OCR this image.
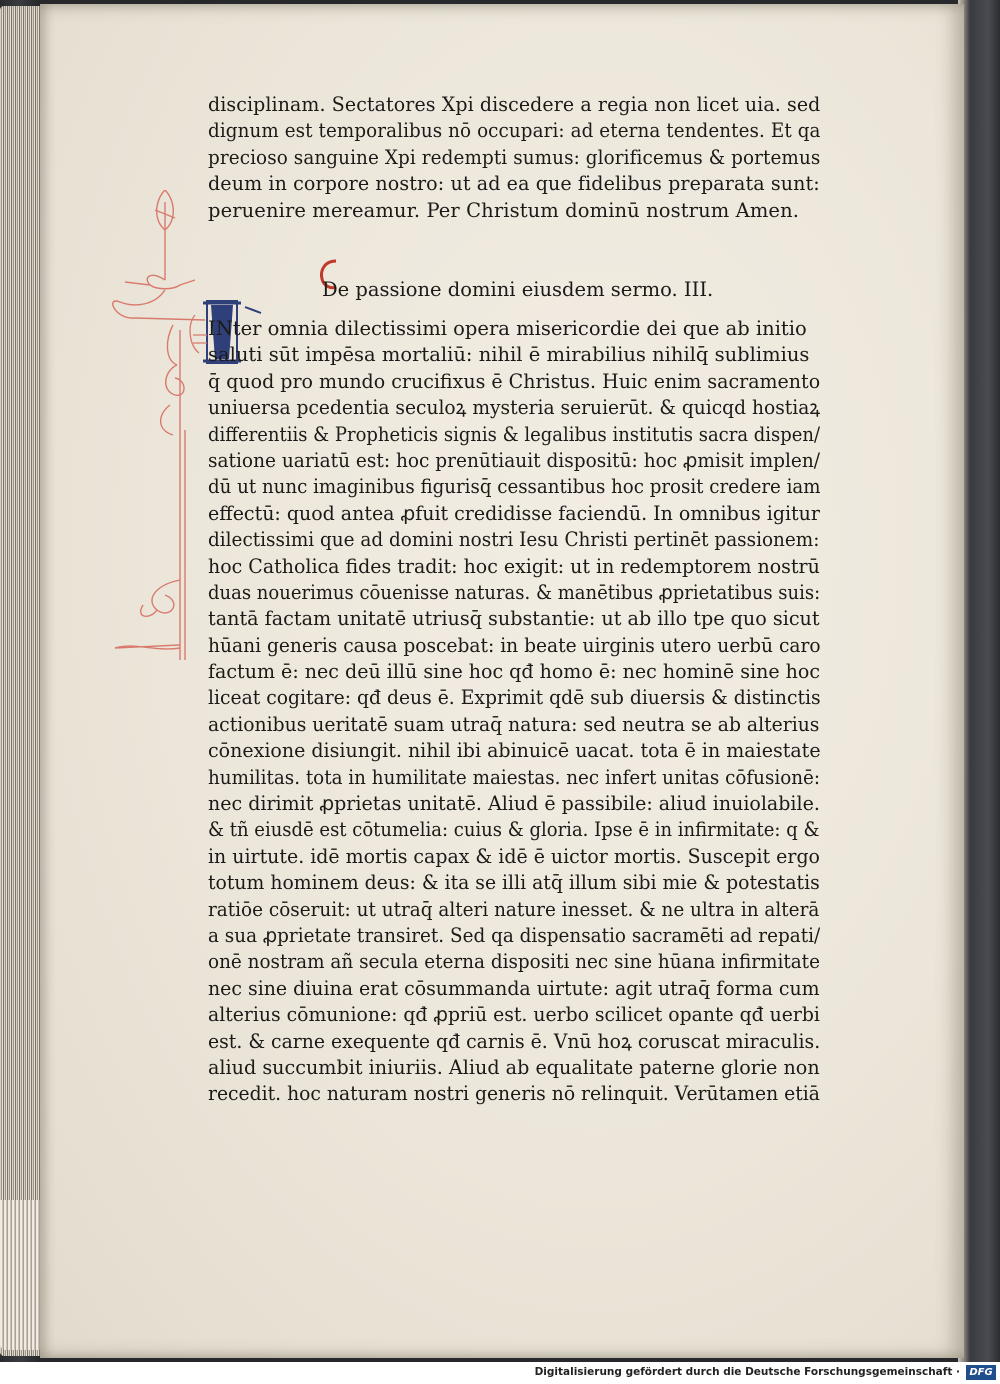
disciplinam. Sectatores Xpi discedere a regia non licet uia. sed
dignum est temporalibus nō occupari: ad eterna tendentes. Et qa
precioso sanguine Xpi redempti sumus: glorificemus & portemus
deum in corpore nostro: ut ad ea que fidelibus preparata sunt:
peruenire mereamur. Per Christum dominū nostrum Amen.
De passione domini eiusdem sermo. III.
INter omnia dilectissimi opera misericordie dei que ab initio
saluti sūt impēsa mortaliū: nihil ē mirabilius nihilq̄ sublimius
q̄ quod pro mundo crucifixus ē Christus. Huic enim sacramento
uniuersa pcedentia seculoꝝ mysteria seruierūt. & quicqd hostiaꝝ
differentiis & Propheticis signis & legalibus institutis sacra dispen/
satione uariatū est: hoc prenūtiauit dispositū: hoc ꝓmisit implen/
dū ut nunc imaginibus figurisq̄ cessantibus hoc prosit credere iam
effectū: quod antea ꝓfuit credidisse faciendū. In omnibus igitur
dilectissimi que ad domini nostri Iesu Christi pertinēt passionem:
hoc Catholica fides tradit: hoc exigit: ut in redemptorem nostrū
duas nouerimus cōuenisse naturas. & manētibus ꝓprietatibus suis:
tantā factam unitatē utriusq̄ substantie: ut ab illo tpe quo sicut
hūani generis causa poscebat: in beate uirginis utero uerbū caro
factum ē: nec deū illū sine hoc qđ homo ē: nec hominē sine hoc
liceat cogitare: qđ deus ē. Exprimit qdē sub diuersis & distinctis
actionibus ueritatē suam utraq̄ natura: sed neutra se ab alterius
cōnexione disiungit. nihil ibi abinuicē uacat. tota ē in maiestate
humilitas. tota in humilitate maiestas. nec infert unitas cōfusionē:
nec dirimit ꝓprietas unitatē. Aliud ē passibile: aliud inuiolabile.
& tñ eiusdē est cōtumelia: cuius & gloria. Ipse ē in infirmitate: q &
in uirtute. idē mortis capax & idē ē uictor mortis. Suscepit ergo
totum hominem deus: & ita se illi atq̄ illum sibi mie & potestatis
ratiōe cōseruit: ut utraq̄ alteri nature inesset. & ne ultra in alterā
a sua ꝓprietate transiret. Sed qa dispensatio sacramēti ad repati/
onē nostram añ secula eterna dispositi nec sine hūana infirmitate
nec sine diuina erat cōsummanda uirtute: agit utraq̄ forma cum
alterius cōmunione: qđ ꝓpriū est. uerbo scilicet opante qđ uerbi
est. & carne exequente qđ carnis ē. Vnū hoꝝ coruscat miraculis.
aliud succumbit iniuriis. Aliud ab equalitate paterne glorie non
recedit. hoc naturam nostri generis nō relinquit. Verūtamen etiā
Digitalisierung gefördert durch die Deutsche Forschungsgemeinschaft · DFG
